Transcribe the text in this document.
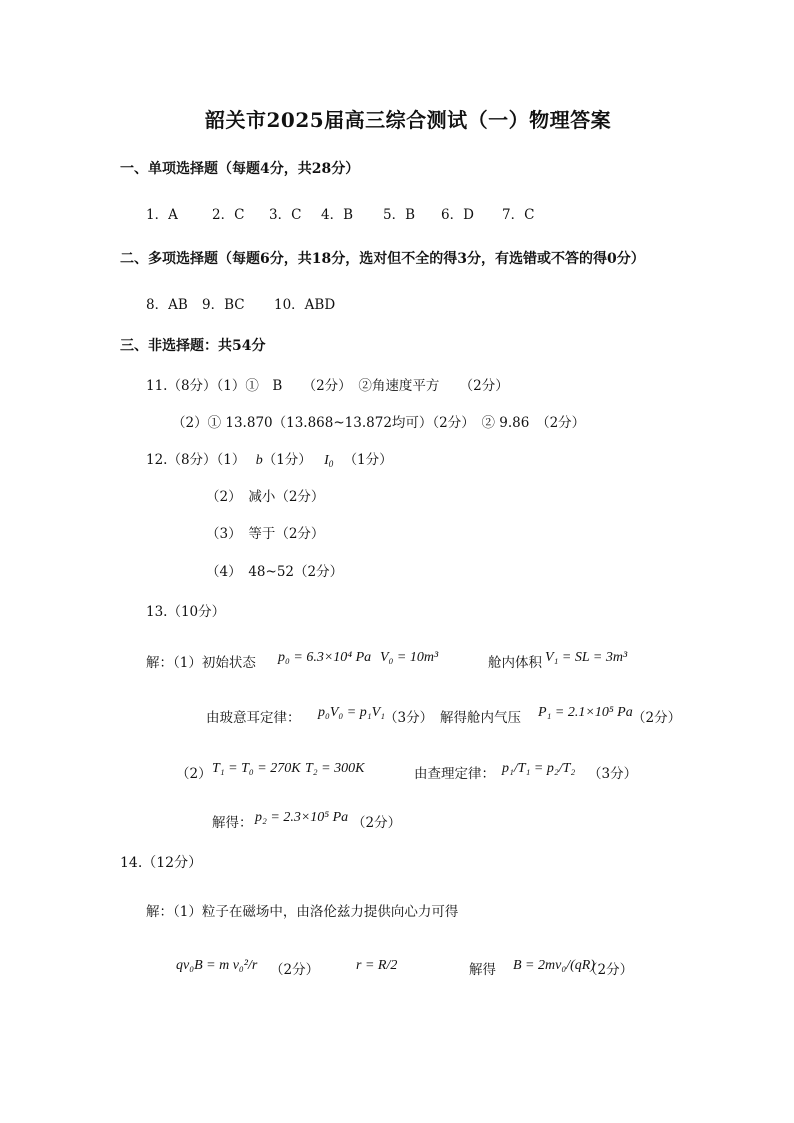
韶关市2025届高三综合测试（一）物理答案
一、单项选择题（每题4分，共28分）
1．A	2．C 3．C 4．B 5．B 6．D 7．C
二、多项选择题（每题6分，共18分，选对但不全的得3分，有选错或不答的得0分）
8．AB 9．BC 10．ABD
三、非选择题：共54分
11.（8分）（1）①　B　　（2分）　②角速度平方　　（2分）
（2）① 13.870（13.868~13.872均可）（2分）　② 9.86　（2分）
12.（8分）（1） b（1分） $I_0$ （1分）
（2）　减小（2分）
（3）　等于（2分）
（4）　48~52（2分）
13.（10分）
解：（1）初始状态 p₀ = 6.3×10⁴ Pa V₀ = 10m³	舱内体积 V₁ = SL = 3m³
由玻意耳定律： p₀V₀ = p₁V₁
（3分） 解得舱内气压 P₁ = 2.1×10⁵ Pa （2分）
（2） T₁ = T₀ = 270K T₂ = 300K	由查理定律： p₁/T₁ = p₂/T₂ （3分）
解得： p₂ = 2.3×10⁵ Pa （2分）
14.（12分）
解：（1）粒子在磁场中，由洛伦兹力提供向心力可得
qv₀B = m v₀²/r （2分）	r = R/2	解得 B = 2mv₀/(qR)
（2分）
